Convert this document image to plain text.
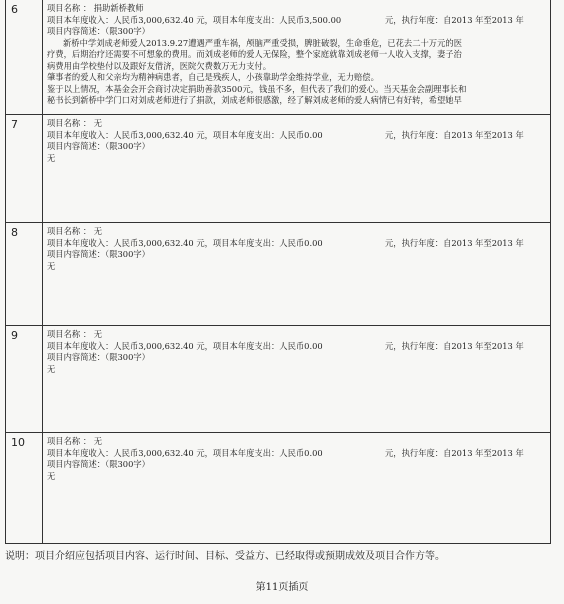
6	项目名称 ： 捐助新桥教师
项目本年度收入：人民币3,000,632.40 元，项目本年度支出：人民币3,500.00	元，执行年度：自2013 年至2013 年
项目内容简述：（限300字）
新桥中学刘成老师爱人2013.9.27遭遇严重车祸，颅脑严重受损，脾脏破裂，生命垂危，已花去二十万元的医
疗费，后期治疗还需要不可想象的费用。而刘成老师的爱人无保险，整个家庭就靠刘成老师一人收入支撑，妻子治
病费用由学校垫付以及跟好友借济，医院欠费数万无力支付。
肇事者的爱人和父亲均为精神病患者，自己是残疾人，小孩靠助学金维持学业，无力赔偿。
鉴于以上情况，本基金会开会商讨决定捐助善款3500元，钱虽不多，但代表了我们的爱心。当天基金会副理事长和
秘书长到新桥中学门口对刘成老师进行了捐款，刘成老师很感激，经了解刘成老师的爱人病情已有好转，希望她早
7	项目名称 ： 无
项目本年度收入：人民币3,000,632.40 元，项目本年度支出：人民币0.00	元，执行年度：自2013 年至2013 年
项目内容简述：（限300字）
无
8	项目名称 ： 无
项目本年度收入：人民币3,000,632.40 元，项目本年度支出：人民币0.00	元，执行年度：自2013 年至2013 年
项目内容简述：（限300字）
无
9	项目名称 ： 无
项目本年度收入：人民币3,000,632.40 元，项目本年度支出：人民币0.00	元，执行年度：自2013 年至2013 年
项目内容简述：（限300字）
无
10	项目名称 ： 无
项目本年度收入：人民币3,000,632.40 元，项目本年度支出：人民币0.00	元，执行年度：自2013 年至2013 年
项目内容简述：（限300字）
无
说明：项目介绍应包括项目内容、运行时间、目标、受益方、已经取得或预期成效及项目合作方等。
第11页插页
